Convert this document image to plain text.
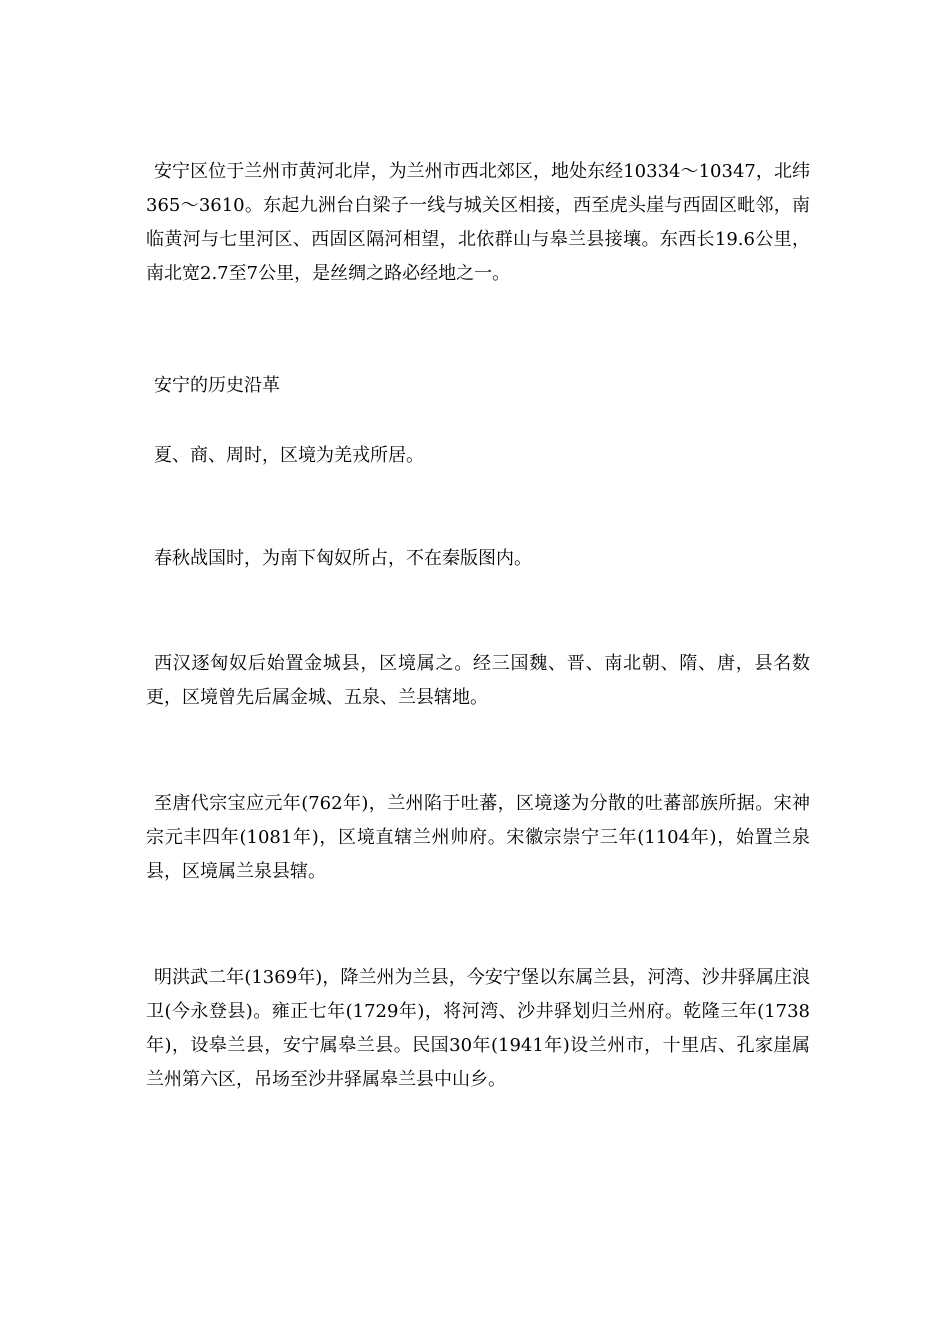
安宁区位于兰州市黄河北岸，为兰州市西北郊区，地处东经10334～10347，北纬365～3610。东起九洲台白梁子一线与城关区相接，西至虎头崖与西固区毗邻，南临黄河与七里河区、西固区隔河相望，北依群山与皋兰县接壤。东西长19.6公里，南北宽2.7至7公里，是丝绸之路必经地之一。

安宁的历史沿革

夏、商、周时，区境为羌戎所居。

春秋战国时，为南下匈奴所占，不在秦版图内。

西汉逐匈奴后始置金城县，区境属之。经三国魏、晋、南北朝、隋、唐，县名数更，区境曾先后属金城、五泉、兰县辖地。

至唐代宗宝应元年(762年)，兰州陷于吐蕃，区境遂为分散的吐蕃部族所据。宋神宗元丰四年(1081年)，区境直辖兰州帅府。宋徽宗崇宁三年(1104年)，始置兰泉县，区境属兰泉县辖。

明洪武二年(1369年)，降兰州为兰县，今安宁堡以东属兰县，河湾、沙井驿属庄浪卫(今永登县)。雍正七年(1729年)，将河湾、沙井驿划归兰州府。乾隆三年(1738年)，设皋兰县，安宁属皋兰县。民国30年(1941年)设兰州市，十里店、孔家崖属兰州第六区，吊场至沙井驿属皋兰县中山乡。
